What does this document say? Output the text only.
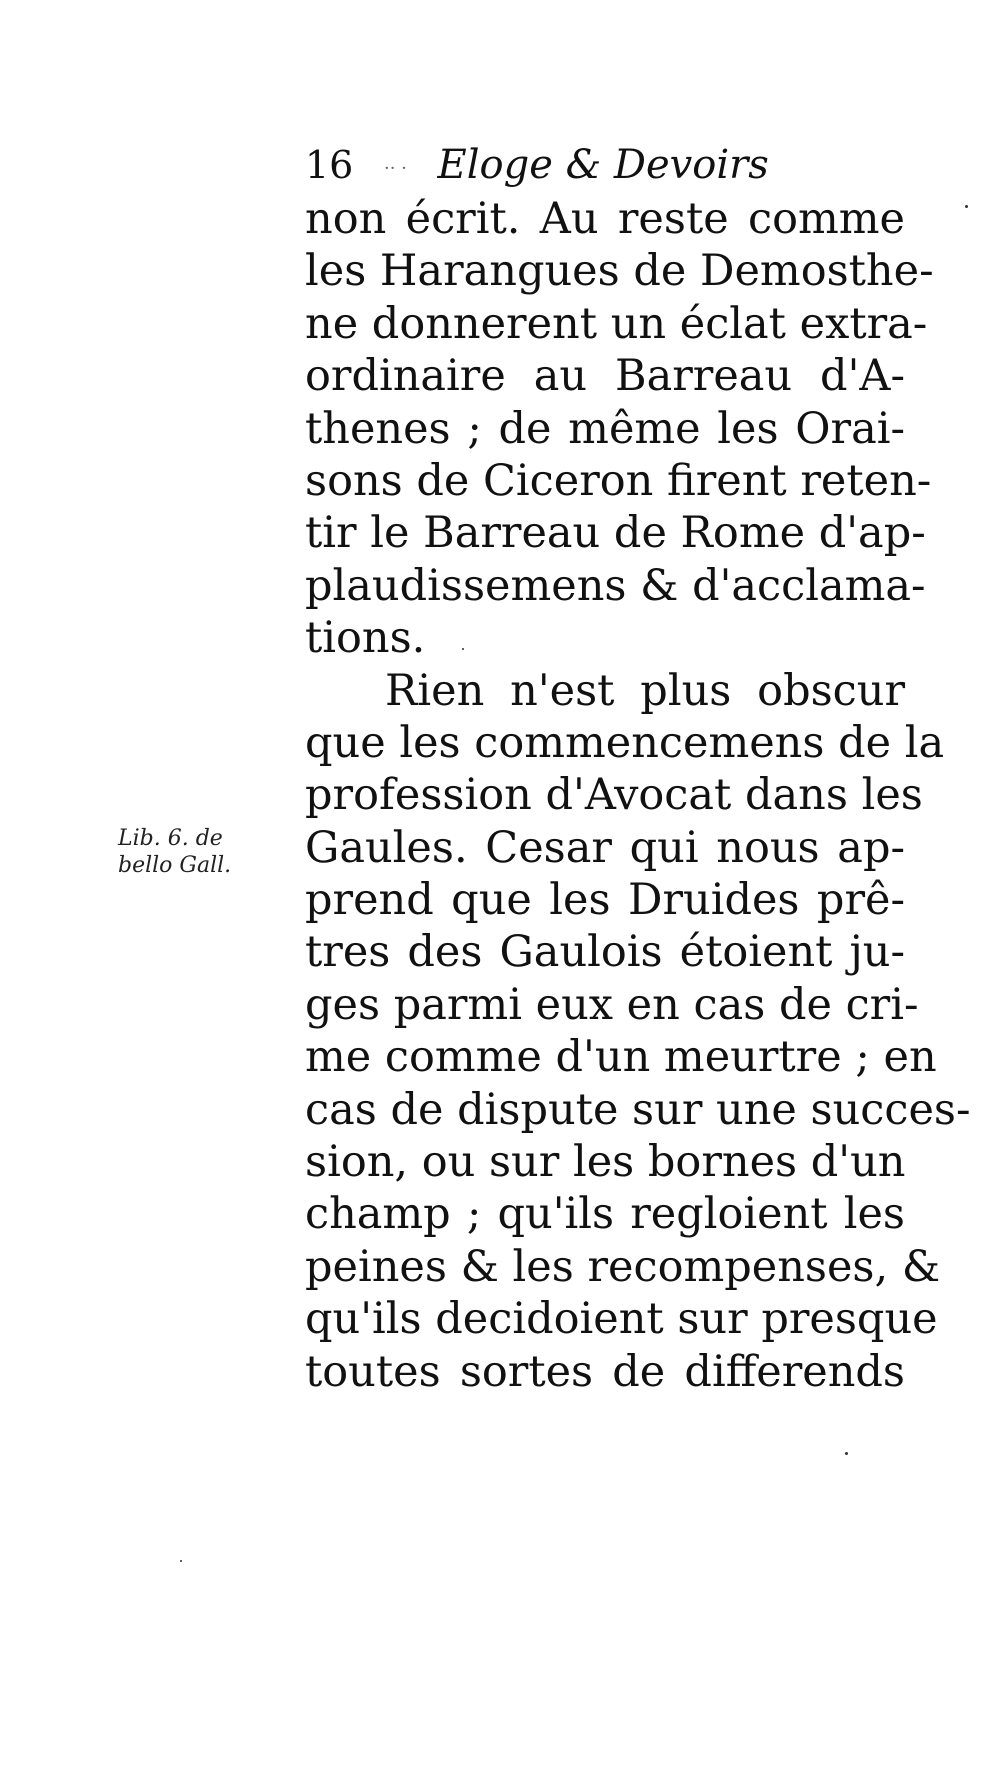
16 ·· · Eloge & Devoirs
Lib. 6. de
bello Gall.
non écrit. Au reste comme
les Harangues de Demosthe-
ne donnerent un éclat extra-
ordinaire au Barreau d'A-
thenes ; de même les Orai-
sons de Ciceron firent reten-
tir le Barreau de Rome d'ap-
plaudissemens & d'acclama-
tions.
Rien n'est plus obscur
que les commencemens de la
profession d'Avocat dans les
Gaules. Cesar qui nous ap-
prend que les Druides prê-
tres des Gaulois étoient ju-
ges parmi eux en cas de cri-
me comme d'un meurtre ; en
cas de dispute sur une succes-
sion, ou sur les bornes d'un
champ ; qu'ils regloient les
peines & les recompenses, &
qu'ils decidoient sur presque
toutes sortes de differends
